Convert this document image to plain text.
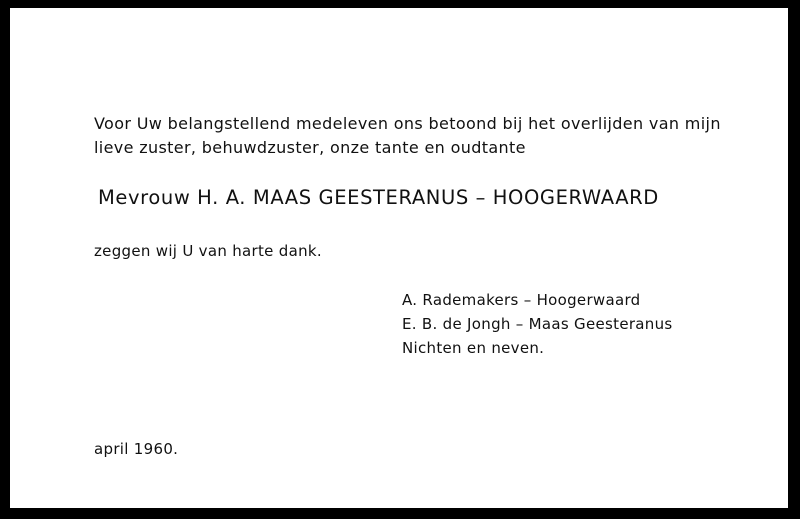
Voor Uw belangstellend medeleven ons betoond bij het overlijden van mijn
lieve zuster, behuwdzuster, onze tante en oudtante
Mevrouw H. A. MAAS GEESTERANUS – HOOGERWAARD
zeggen wij U van harte dank.
A. Rademakers – Hoogerwaard
E. B. de Jongh – Maas Geesteranus
Nichten en neven.
april 1960.
